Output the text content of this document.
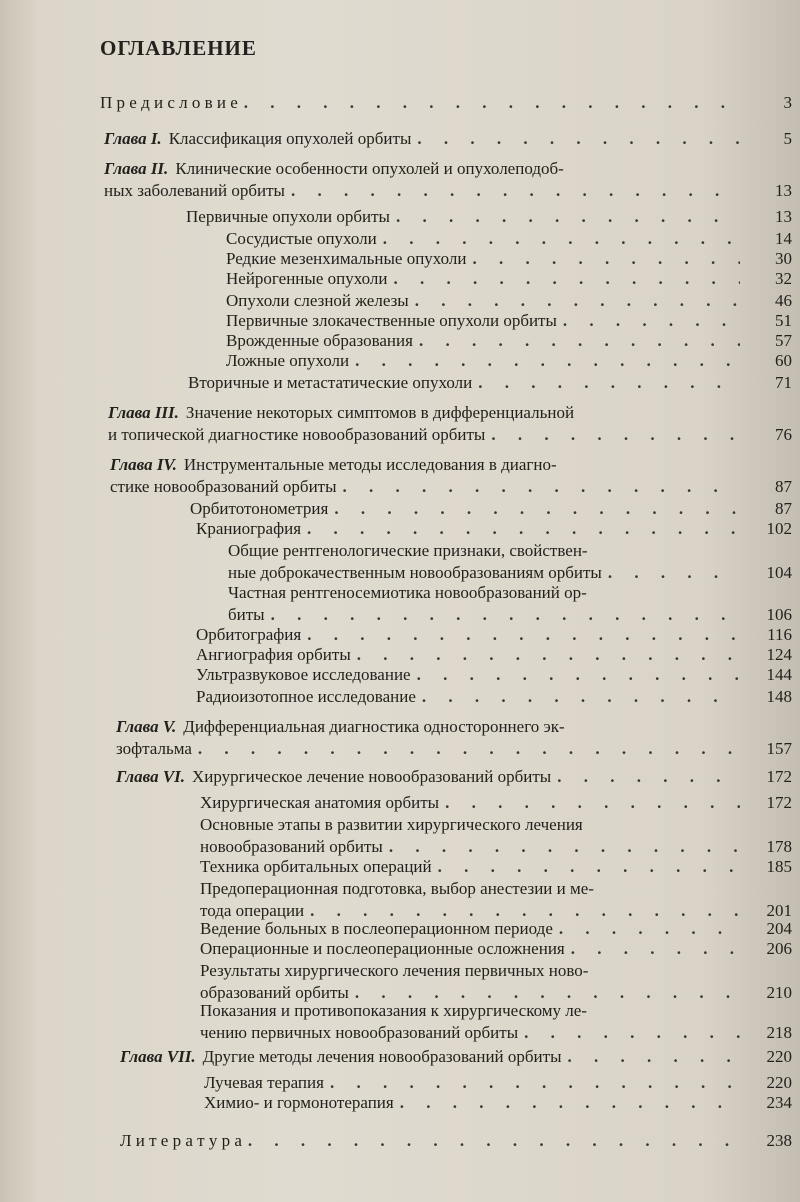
ОГЛАВЛЕНИЕ
П р е д и с л о в и е . . .	3
Глава I. Классификация опухолей орбиты . . .	5
Глава II. Клинические особенности опухолей и опухолеподоб-
ных заболеваний орбиты . . .	13
Первичные опухоли орбиты . . .	13
Сосудистые опухоли . . .	14
Редкие мезенхимальные опухоли . . .	30
Нейрогенные опухоли . . .	32
Опухоли слезной железы . . .	46
Первичные злокачественные опухоли орбиты . . .	51
Врожденные образования . . .	57
Ложные опухоли . . .	60
Вторичные и метастатические опухоли . . .	71
Глава III. Значение некоторых симптомов в дифференциальной
и топической диагностике новообразований орбиты . . .	76
Глава IV. Инструментальные методы исследования в диагно-
стике новообразований орбиты . . .	87
Орбитотонометрия . . .	87
Краниография . . .	102
Общие рентгенологические признаки, свойствен-
ные доброкачественным новообразованиям орбиты . . .	104
Частная рентгеносемиотика новообразований ор-
биты . . .	106
Орбитография . . .	116
Ангиография орбиты . . .	124
Ультразвуковое исследование . . .	144
Радиоизотопное исследование . . .	148
Глава V. Дифференциальная диагностика одностороннего эк-
зофтальма . . .	157
Глава VI. Хирургическое лечение новообразований орбиты . . .	172
Хирургическая анатомия орбиты . . .	172
Основные этапы в развитии хирургического лечения
новообразований орбиты . . .	178
Техника орбитальных операций . . .	185
Предоперационная подготовка, выбор анестезии и ме-
тода операции . . .	201
Ведение больных в послеоперационном периоде . . .	204
Операционные и послеоперационные осложнения . . .	206
Результаты хирургического лечения первичных ново-
образований орбиты . . .	210
Показания и противопоказания к хирургическому ле-
чению первичных новообразований орбиты . . .	218
Глава VII. Другие методы лечения новообразований орбиты . . .	220
Лучевая терапия . . .	220
Химио- и гормонотерапия . . .	234
Л и т е р а т у р а . . .	238
